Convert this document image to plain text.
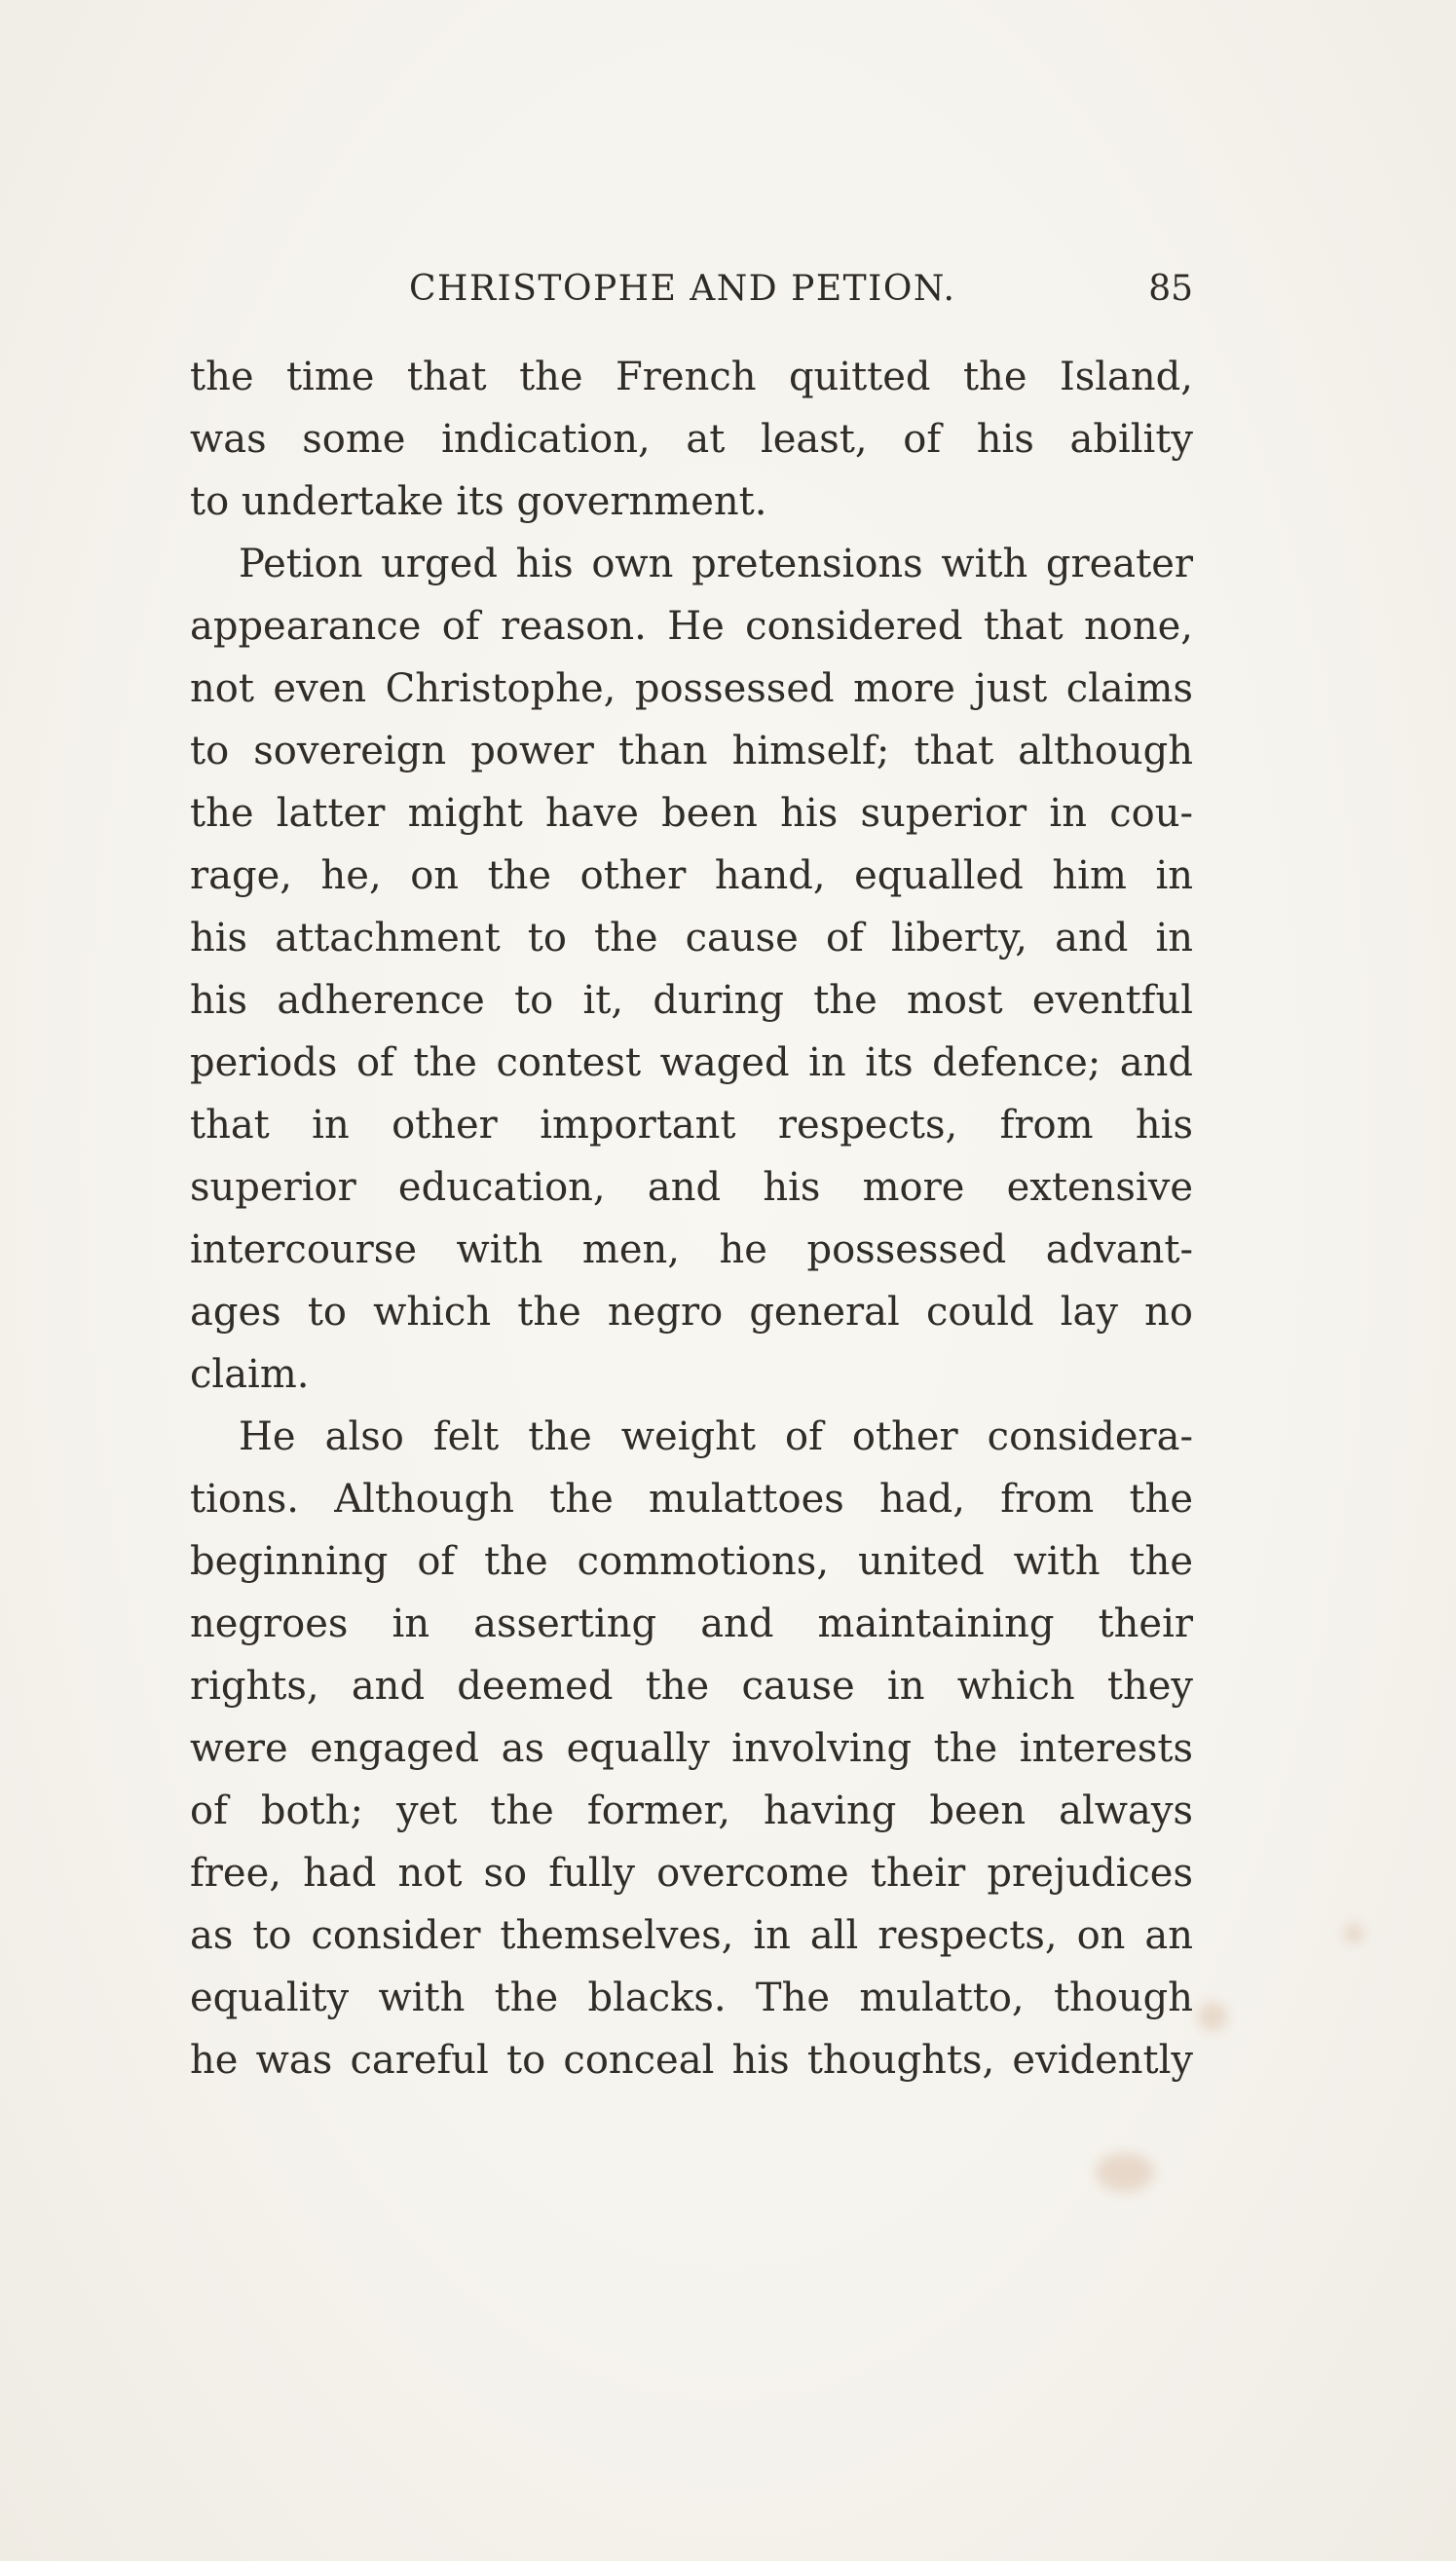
CHRISTOPHE AND PETION.	85
the time that the French quitted the Island,
was some indication, at least, of his ability
to undertake its government.
Petion urged his own pretensions with greater
appearance of reason. He considered that none,
not even Christophe, possessed more just claims
to sovereign power than himself; that although
the latter might have been his superior in cou-
rage, he, on the other hand, equalled him in
his attachment to the cause of liberty, and in
his adherence to it, during the most eventful
periods of the contest waged in its defence; and
that in other important respects, from his
superior education, and his more extensive
intercourse with men, he possessed advant-
ages to which the negro general could lay no
claim.
He also felt the weight of other considera-
tions. Although the mulattoes had, from the
beginning of the commotions, united with the
negroes in asserting and maintaining their
rights, and deemed the cause in which they
were engaged as equally involving the interests
of both; yet the former, having been always
free, had not so fully overcome their prejudices
as to consider themselves, in all respects, on an
equality with the blacks. The mulatto, though
he was careful to conceal his thoughts, evidently
